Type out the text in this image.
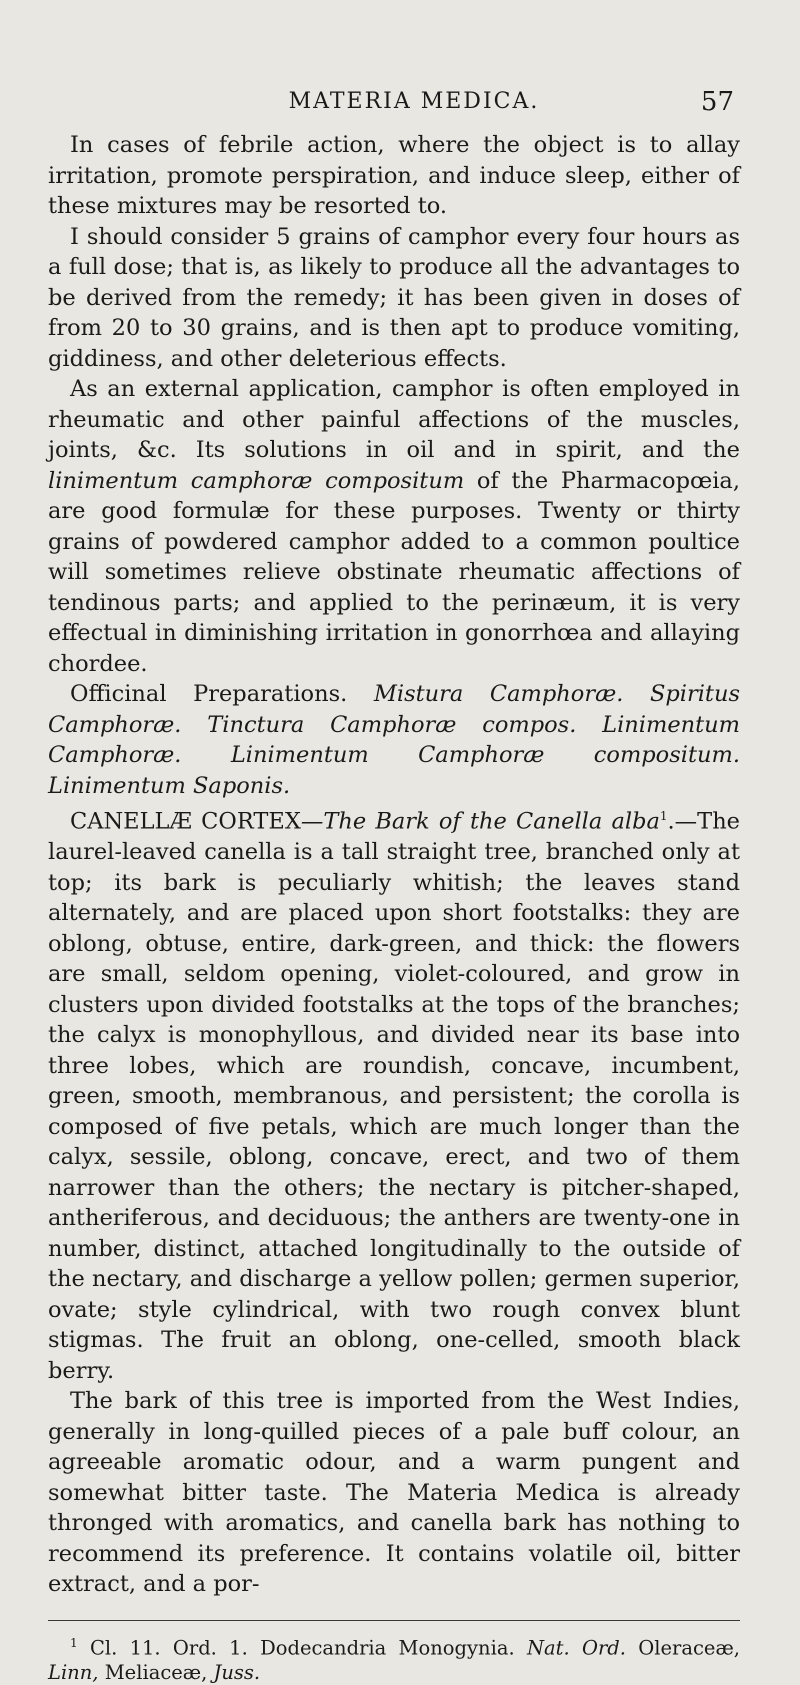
MATERIA MEDICA.	57

In cases of febrile action, where the object is to allay irritation, promote perspiration, and induce sleep, either of these mixtures may be resorted to.

I should consider 5 grains of camphor every four hours as a full dose; that is, as likely to produce all the advantages to be derived from the remedy; it has been given in doses of from 20 to 30 grains, and is then apt to produce vomiting, giddiness, and other deleterious effects.

As an external application, camphor is often employed in rheumatic and other painful affections of the muscles, joints, &c. Its solutions in oil and in spirit, and the linimentum camphoræ compositum of the Pharmacopœia, are good formulæ for these purposes. Twenty or thirty grains of powdered camphor added to a common poultice will sometimes relieve obstinate rheumatic affections of tendinous parts; and applied to the perinæum, it is very effectual in diminishing irritation in gonorrhœa and allaying chordee.

Officinal Preparations. Mistura Camphoræ. Spiritus Camphoræ. Tinctura Camphoræ compos. Linimentum Camphoræ. Linimentum Camphoræ compositum. Linimentum Saponis.

CANELLÆ CORTEX—The Bark of the Canella alba$^1$.—The laurel-leaved canella is a tall straight tree, branched only at top; its bark is peculiarly whitish; the leaves stand alternately, and are placed upon short footstalks: they are oblong, obtuse, entire, dark-green, and thick: the flowers are small, seldom opening, violet-coloured, and grow in clusters upon divided footstalks at the tops of the branches; the calyx is monophyllous, and divided near its base into three lobes, which are roundish, concave, incumbent, green, smooth, membranous, and persistent; the corolla is composed of five petals, which are much longer than the calyx, sessile, oblong, concave, erect, and two of them narrower than the others; the nectary is pitcher-shaped, antheriferous, and deciduous; the anthers are twenty-one in number, distinct, attached longitudinally to the outside of the nectary, and discharge a yellow pollen; germen superior, ovate; style cylindrical, with two rough convex blunt stigmas. The fruit an oblong, one-celled, smooth black berry.

The bark of this tree is imported from the West Indies, generally in long-quilled pieces of a pale buff colour, an agreeable aromatic odour, and a warm pungent and somewhat bitter taste. The Materia Medica is already thronged with aromatics, and canella bark has nothing to recommend its preference. It contains volatile oil, bitter extract, and a por-

$^1$ Cl. 11. Ord. 1. Dodecandria Monogynia. Nat. Ord. Oleraceæ, Linn, Meliaceæ, Juss.
